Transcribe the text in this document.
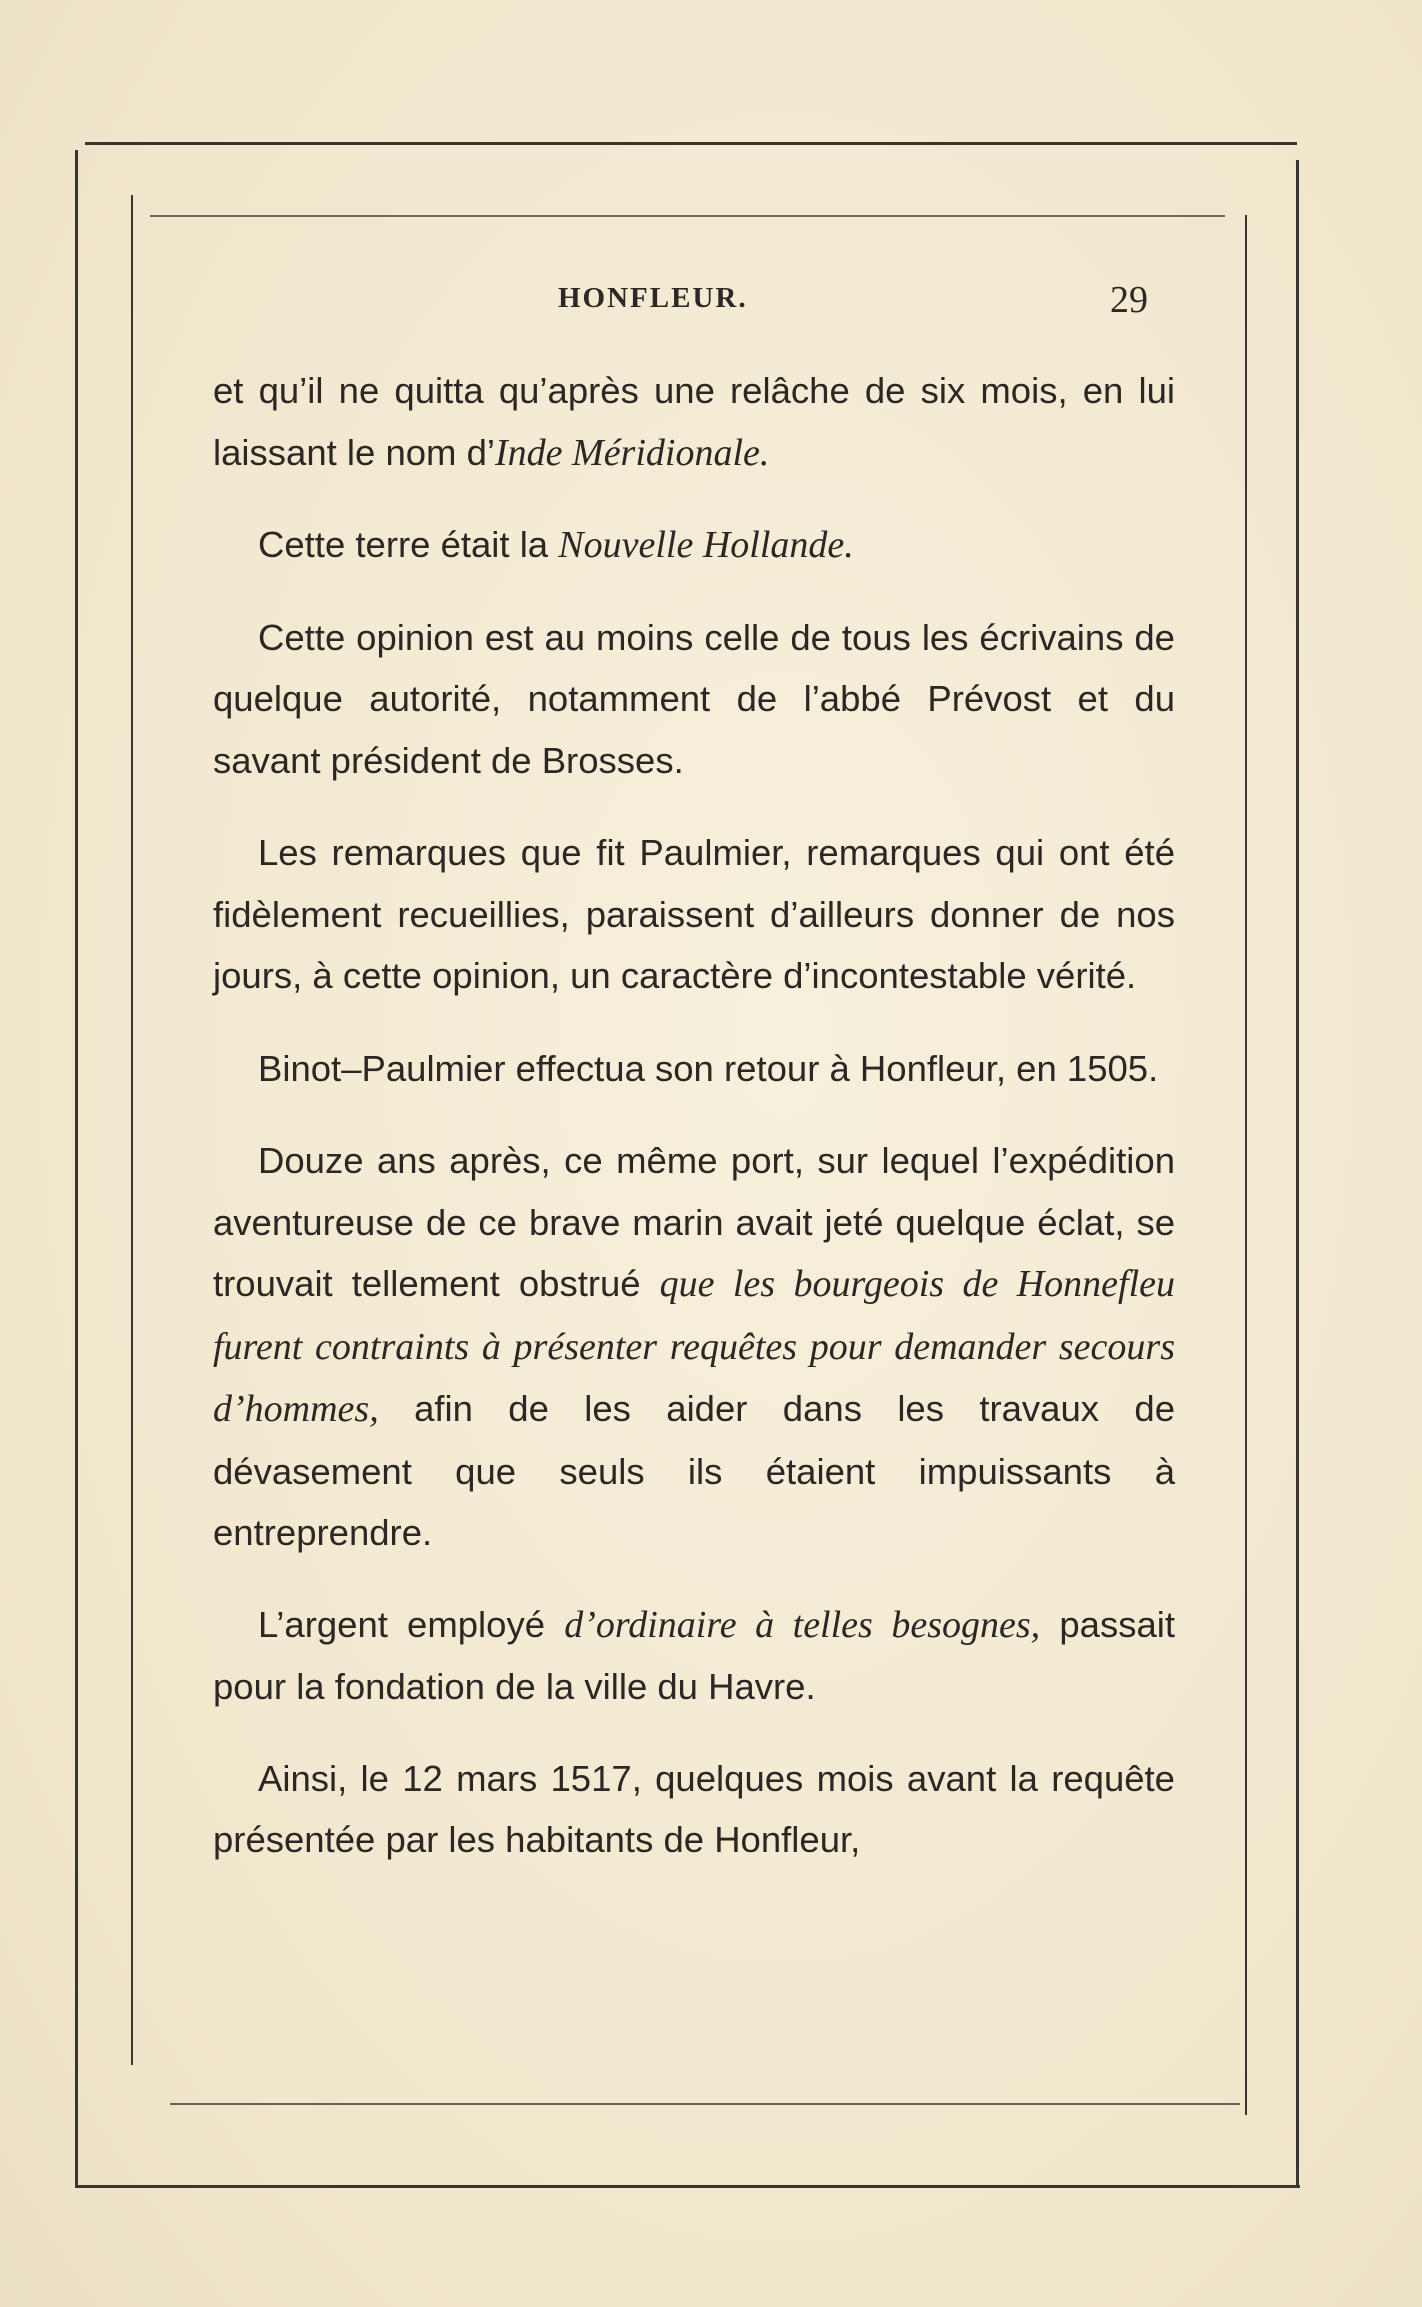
HONFLEUR.	29

et qu’il ne quitta qu’après une relâche de six mois, en lui laissant le nom d’Inde Méridionale.

Cette terre était la Nouvelle Hollande.

Cette opinion est au moins celle de tous les écrivains de quelque autorité, notamment de l’abbé Prévost et du savant président de Brosses.

Les remarques que fit Paulmier, remarques qui ont été fidèlement recueillies, paraissent d’ailleurs donner de nos jours, à cette opinion, un caractère d’incontestable vérité.

Binot–Paulmier effectua son retour à Honfleur, en 1505.

Douze ans après, ce même port, sur lequel l’expédition aventureuse de ce brave marin avait jeté quelque éclat, se trouvait tellement obstrué que les bourgeois de Honnefleu furent contraints à présenter requêtes pour demander secours d’hommes, afin de les aider dans les travaux de dévasement que seuls ils étaient impuissants à entreprendre.

L’argent employé d’ordinaire à telles besognes, passait pour la fondation de la ville du Havre.

Ainsi, le 12 mars 1517, quelques mois avant la requête présentée par les habitants de Honfleur,
